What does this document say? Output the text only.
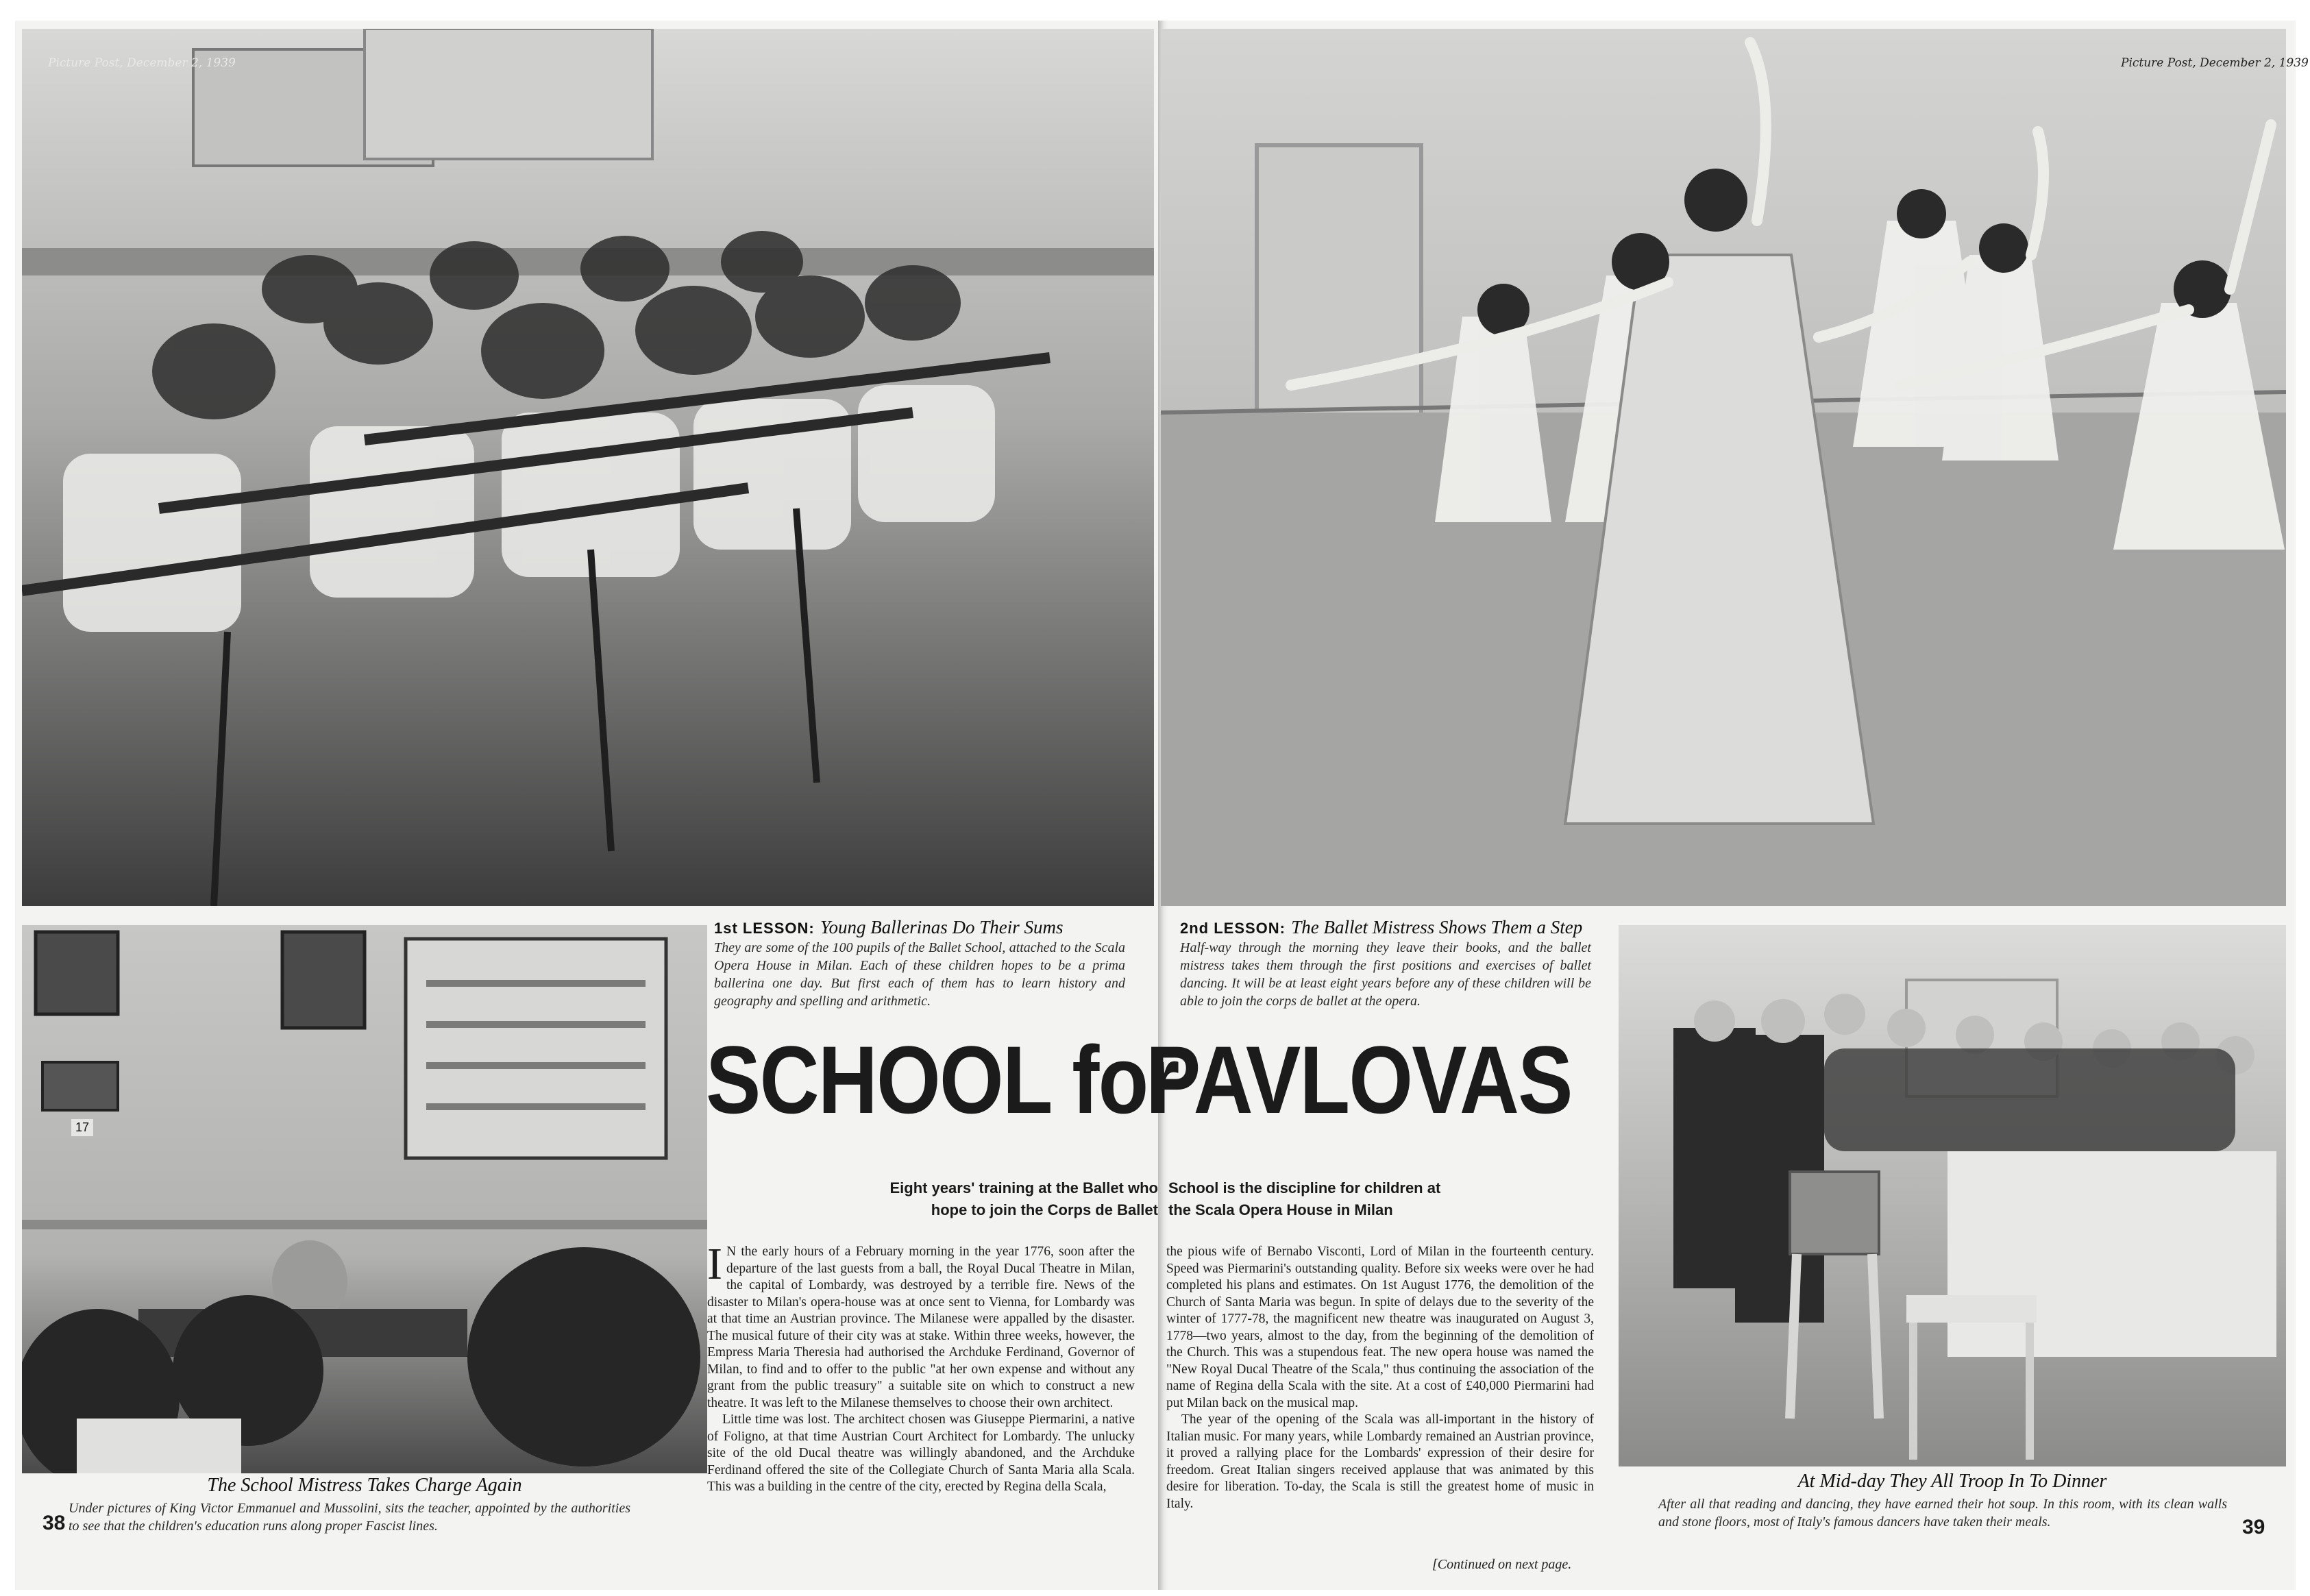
Picture Post, December 2, 1939	Picture Post, December 2, 1939
1st LESSON: Young Ballerinas Do Their Sums
They are some of the 100 pupils of the Ballet School, attached to the Scala Opera House in Milan. Each of these children hopes to be a prima ballerina one day. But first each of them has to learn history and geography and spelling and arithmetic.
2nd LESSON: The Ballet Mistress Shows Them a Step
Half-way through the morning they leave their books, and the ballet mistress takes them through the first positions and exercises of ballet dancing. It will be at least eight years before any of these children will be able to join the corps de ballet at the opera.
SCHOOL for
PAVLOVAS
Eight years' training at the Ballet who hope to join the Corps de Ballet
School is the discipline for children at the Scala Opera House in Milan

I N the early hours of a February morning in the year 1776, soon after the departure of the last guests from a ball, the Royal Ducal Theatre in Milan, the capital of Lombardy, was destroyed by a terrible fire. News of the disaster to Milan's opera-house was at once sent to Vienna, for Lombardy was at that time an Austrian province. The Milanese were appalled by the disaster. The musical future of their city was at stake. Within three weeks, however, the Empress Maria Theresia had authorised the Archduke Ferdinand, Governor of Milan, to find and to offer to the public "at her own expense and without any grant from the public treasury" a suitable site on which to construct a new theatre. It was left to the Milanese themselves to choose their own architect.

Little time was lost. The architect chosen was Giuseppe Piermarini, a native of Foligno, at that time Austrian Court Architect for Lombardy. The unlucky site of the old Ducal theatre was willingly abandoned, and the Archduke Ferdinand offered the site of the Collegiate Church of Santa Maria alla Scala. This was a building in the centre of the city, erected by Regina della Scala,

the pious wife of Bernabo Visconti, Lord of Milan in the fourteenth century. Speed was Piermarini's outstanding quality. Before six weeks were over he had completed his plans and estimates. On 1st August 1776, the demolition of the Church of Santa Maria was begun. In spite of delays due to the severity of the winter of 1777-78, the magnificent new theatre was inaugurated on August 3, 1778—two years, almost to the day, from the beginning of the demolition of the Church. This was a stupendous feat. The new opera house was named the "New Royal Ducal Theatre of the Scala," thus continuing the association of the name of Regina della Scala with the site. At a cost of £40,000 Piermarini had put Milan back on the musical map.

The year of the opening of the Scala was all-important in the history of Italian music. For many years, while Lombardy remained an Austrian province, it proved a rallying place for the Lombards' expression of their desire for freedom. Great Italian singers received applause that was animated by this desire for liberation. To-day, the Scala is still the greatest home of music in Italy.

[Continued on next page.
The School Mistress Takes Charge Again
Under pictures of King Victor Emmanuel and Mussolini, sits the teacher, appointed by the authorities to see that the children's education runs along proper Fascist lines.
At Mid-day They All Troop In To Dinner
After all that reading and dancing, they have earned their hot soup. In this room, with its clean walls and stone floors, most of Italy's famous dancers have taken their meals.
38	39
17
